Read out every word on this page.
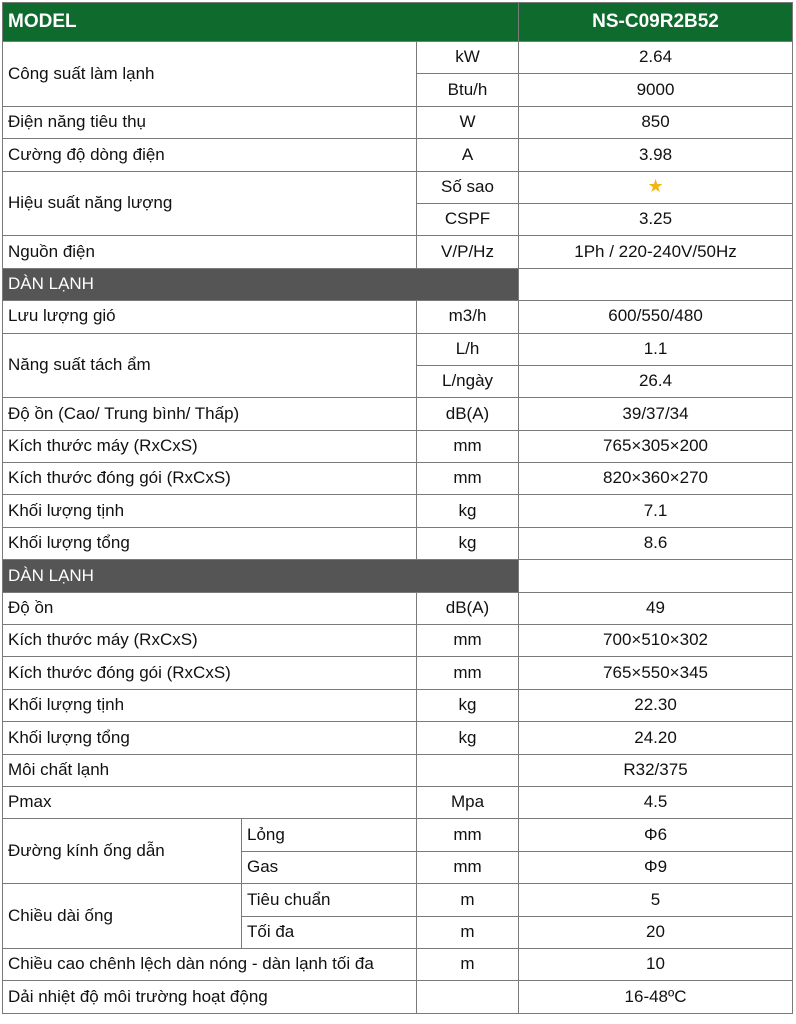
MODEL			NS-C09R2B52
Công suất làm lạnh		kW	2.64
		Btu/h	9000
Điện năng tiêu thụ		W	850
Cường độ dòng điện		A	3.98
Hiệu suất năng lượng		Số sao	★
		CSPF	3.25
Nguồn điện		V/P/Hz	1Ph / 220-240V/50Hz
DÀN LẠNH			
Lưu lượng gió		m3/h	600/550/480
Năng suất tách ẩm		L/h	1.1
		L/ngày	26.4
Độ ồn (Cao/ Trung bình/ Thấp)		dB(A)	39/37/34
Kích thước máy (RxCxS)		mm	765×305×200
Kích thước đóng gói (RxCxS)		mm	820×360×270
Khối lượng tịnh		kg	7.1
Khối lượng tổng		kg	8.6
DÀN LẠNH			
Độ ồn		dB(A)	49
Kích thước máy (RxCxS)		mm	700×510×302
Kích thước đóng gói (RxCxS)		mm	765×550×345
Khối lượng tịnh		kg	22.30
Khối lượng tổng		kg	24.20
Môi chất lạnh			R32/375
Pmax		Mpa	4.5
Đường kính ống dẫn	Lỏng	mm	Φ6
	Gas	mm	Φ9
Chiều dài ống	Tiêu chuẩn	m	5
	Tối đa	m	20
Chiều cao chênh lệch dàn nóng - dàn lạnh tối đa		m	10
Dải nhiệt độ môi trường hoạt động			16-48ºC
